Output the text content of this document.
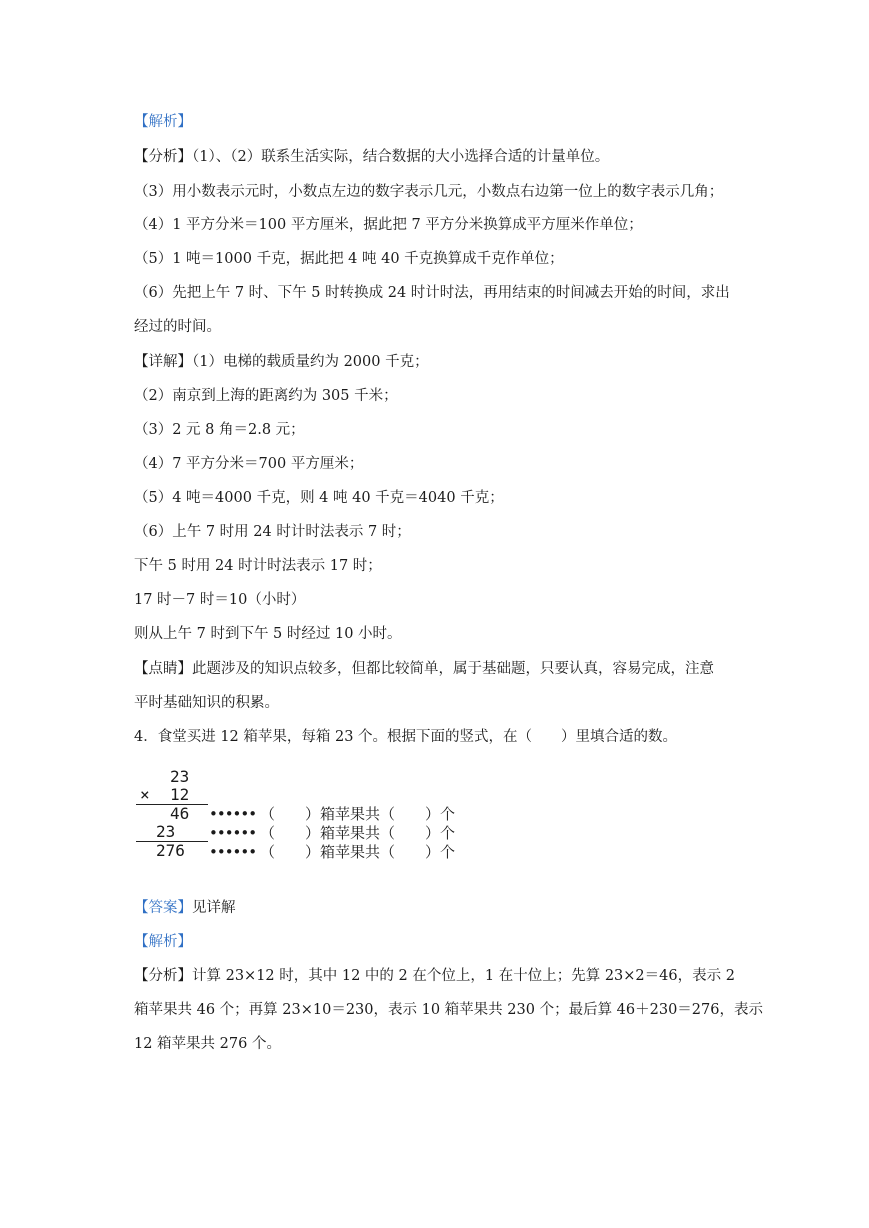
【解析】
【分析】（1）、（2）联系生活实际，结合数据的大小选择合适的计量单位。
（3）用小数表示元时，小数点左边的数字表示几元，小数点右边第一位上的数字表示几角；
（4）1 平方分米＝100 平方厘米，据此把 7 平方分米换算成平方厘米作单位；
（5）1 吨＝1000 千克，据此把 4 吨 40 千克换算成千克作单位；
（6）先把上午 7 时、下午 5 时转换成 24 时计时法，再用结束的时间减去开始的时间，求出
经过的时间。
【详解】（1）电梯的载质量约为 2000 千克；
（2）南京到上海的距离约为 305 千米；
（3）2 元 8 角＝2.8 元；
（4）7 平方分米＝700 平方厘米；
（5）4 吨＝4000 千克，则 4 吨 40 千克＝4040 千克；
（6）上午 7 时用 24 时计时法表示 7 时；
下午 5 时用 24 时计时法表示 17 时；
17 时－7 时＝10（小时）
则从上午 7 时到下午 5 时经过 10 小时。
【点睛】此题涉及的知识点较多，但都比较简单，属于基础题，只要认真，容易完成，注意
平时基础知识的积累。
4．食堂买进 12 箱苹果，每箱 23 个。根据下面的竖式，在（　　）里填合适的数。
23
× 12
46
23
276
••••••
••••••
••••••
（　　）箱苹果共（　　）个
（　　）箱苹果共（　　）个
（　　）箱苹果共（　　）个
【答案】见详解
【解析】
【分析】计算 23×12 时，其中 12 中的 2 在个位上，1 在十位上；先算 23×2＝46，表示 2
箱苹果共 46 个；再算 23×10＝230，表示 10 箱苹果共 230 个；最后算 46＋230＝276，表示
12 箱苹果共 276 个。
